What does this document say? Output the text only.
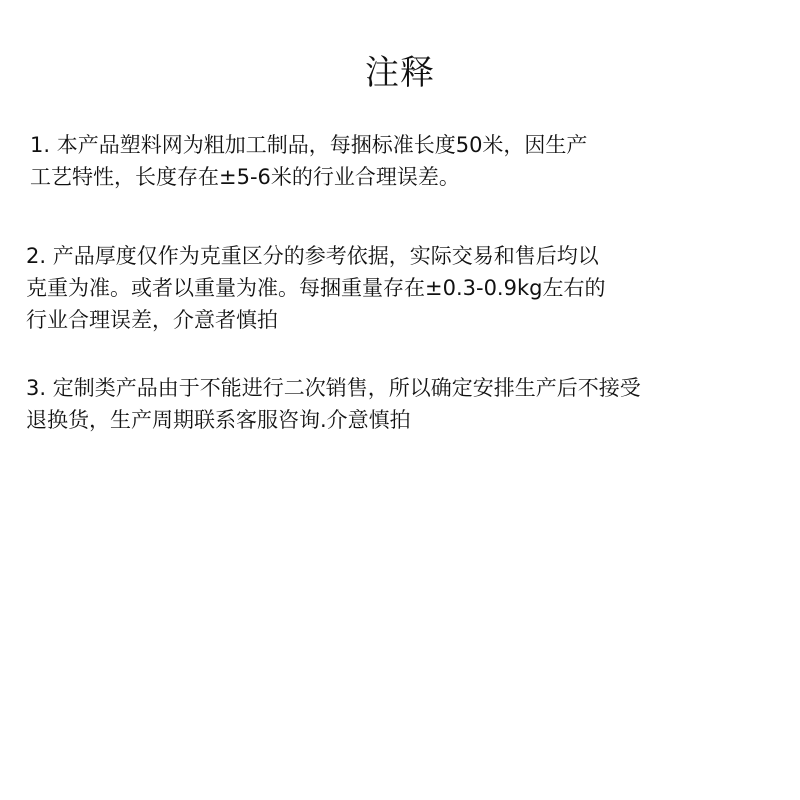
注释

1. 本产品塑料网为粗加工制品，每捆标准长度50米，因生产
工艺特性，长度存在±5-6米的行业合理误差。

2. 产品厚度仅作为克重区分的参考依据，实际交易和售后均以
克重为准。或者以重量为准。每捆重量存在±0.3-0.9kg左右的
行业合理误差，介意者慎拍

3. 定制类产品由于不能进行二次销售，所以确定安排生产后不接受
退换货，生产周期联系客服咨询.介意慎拍
